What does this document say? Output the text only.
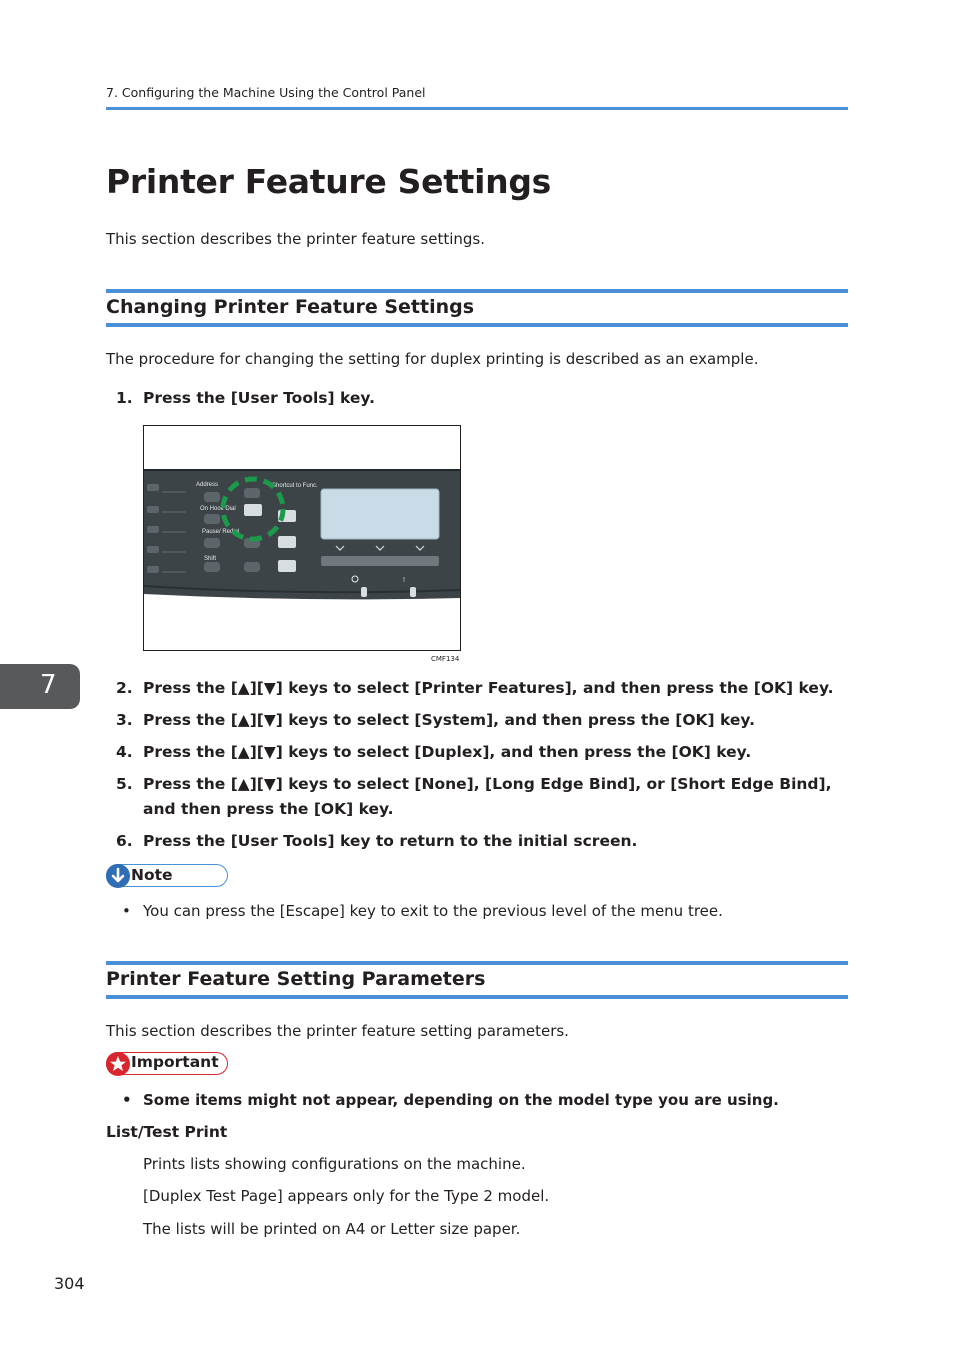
7. Configuring the Machine Using the Control Panel
Printer Feature Settings
This section describes the printer feature settings.
Changing Printer Feature Settings
The procedure for changing the setting for duplex printing is described as an example.
1. Press the [User Tools] key.
Address
On Hook Dial
Pause/ Redial
Shift
Shortcut to Func.
!
CMF134
7	2. Press the [▲][▼] keys to select [Printer Features], and then press the [OK] key.
3. Press the [▲][▼] keys to select [System], and then press the [OK] key.
4. Press the [▲][▼] keys to select [Duplex], and then press the [OK] key.
5. Press the [▲][▼] keys to select [None], [Long Edge Bind], or [Short Edge Bind], and then press the [OK] key.
6. Press the [User Tools] key to return to the initial screen.
Note
• You can press the [Escape] key to exit to the previous level of the menu tree.
Printer Feature Setting Parameters
This section describes the printer feature setting parameters.
Important
• Some items might not appear, depending on the model type you are using.
List/Test Print
Prints lists showing configurations on the machine.
[Duplex Test Page] appears only for the Type 2 model.
The lists will be printed on A4 or Letter size paper.
304
